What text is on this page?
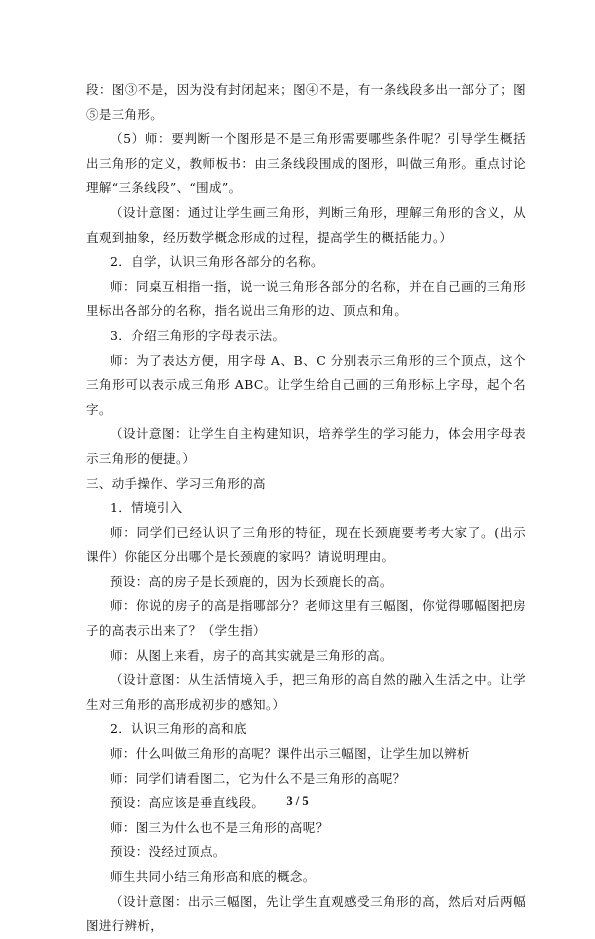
段：图③不是，因为没有封闭起来；图④不是，有一条线段多出一部分了；图⑤是三角形。

（5）师：要判断一个图形是不是三角形需要哪些条件呢？引导学生概括出三角形的定义，教师板书：由三条线段围成的图形，叫做三角形。重点讨论理解“三条线段”、“围成”。

（设计意图：通过让学生画三角形，判断三角形，理解三角形的含义，从直观到抽象，经历数学概念形成的过程，提高学生的概括能力。）

2．自学，认识三角形各部分的名称。

师：同桌互相指一指，说一说三角形各部分的名称，并在自己画的三角形里标出各部分的名称，指名说出三角形的边、顶点和角。

3．介绍三角形的字母表示法。

师：为了表达方便，用字母 A、B、C 分别表示三角形的三个顶点，这个三角形可以表示成三角形 ABC。让学生给自己画的三角形标上字母，起个名字。

（设计意图：让学生自主构建知识，培养学生的学习能力，体会用字母表示三角形的便捷。）

三、动手操作、学习三角形的高

1．情境引入

师：同学们已经认识了三角形的特征，现在长颈鹿要考考大家了。(出示课件）你能区分出哪个是长颈鹿的家吗？请说明理由。

预设：高的房子是长颈鹿的，因为长颈鹿长的高。

师：你说的房子的高是指哪部分？老师这里有三幅图，你觉得哪幅图把房子的高表示出来了？（学生指）

师：从图上来看，房子的高其实就是三角形的高。

（设计意图：从生活情境入手，把三角形的高自然的融入生活之中。让学生对三角形的高形成初步的感知。）

2．认识三角形的高和底

师：什么叫做三角形的高呢？课件出示三幅图，让学生加以辨析

师：同学们请看图二，它为什么不是三角形的高呢？

预设：高应该是垂直线段。

师：图三为什么也不是三角形的高呢？

预设：没经过顶点。

师生共同小结三角形高和底的概念。

（设计意图：出示三幅图，先让学生直观感受三角形的高，然后对后两幅图进行辨析，

3 / 5
